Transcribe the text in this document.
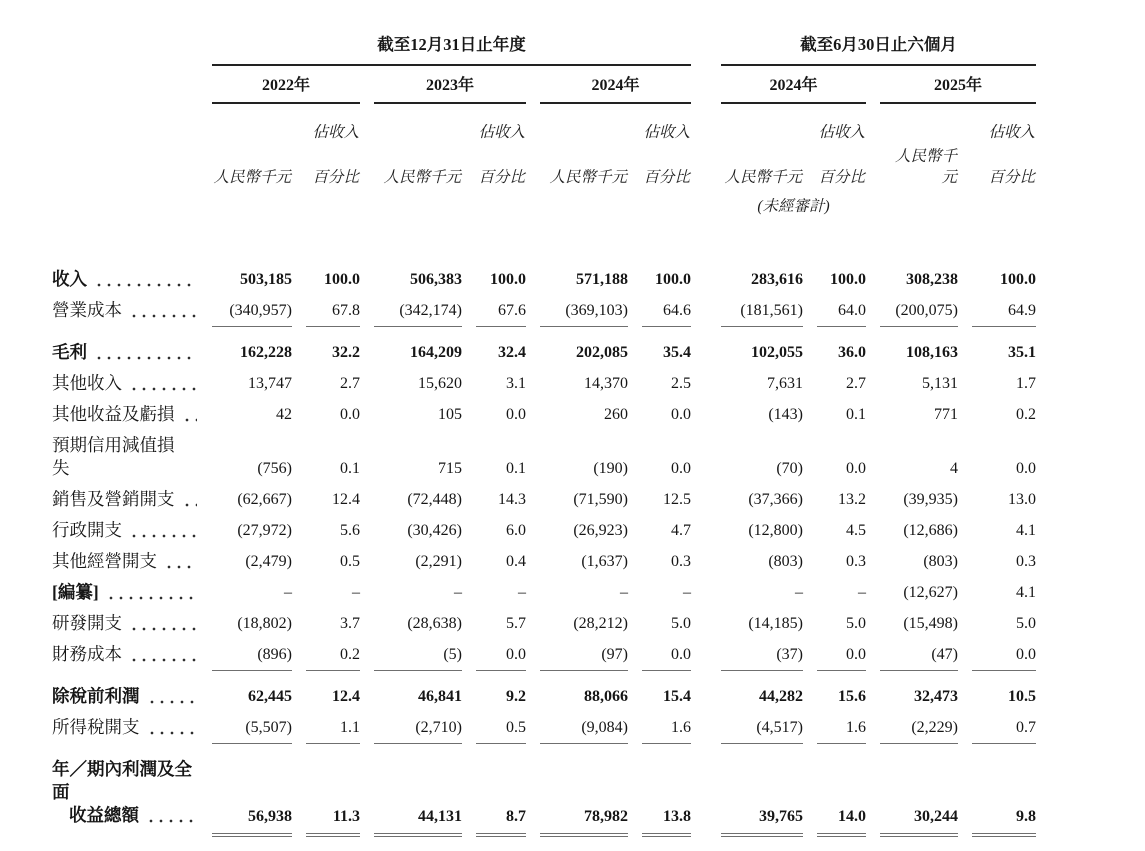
	截至12月31日止年度							截至6月30日止六個月			
	2022年		2023年		2024年			2024年		2025年	
		佔收入		佔收入		佔收入			佔收入		佔收入
	人民幣千元	百分比	人民幣千元	百分比	人民幣千元	百分比		人民幣千元	百分比	人民幣千元	百分比
								(未經審計)			

收入	503,185	100.0	506,383	100.0	571,188	100.0		283,616	100.0	308,238	100.0

營業成本	(340,957)	67.8	(342,174)	67.6	(369,103)	64.6		(181,561)	64.0	(200,075)	64.9

毛利	162,228	32.2	164,209	32.4	202,085	35.4		102,055	36.0	108,163	35.1

其他收入	13,747	2.7	15,620	3.1	14,370	2.5		7,631	2.7	5,131	1.7

其他收益及虧損	42	0.0	105	0.0	260	0.0		(143)	0.1	771	0.2

預期信用減值損失	(756)	0.1	715	0.1	(190)	0.0		(70)	0.0	4	0.0

銷售及營銷開支	(62,667)	12.4	(72,448)	14.3	(71,590)	12.5		(37,366)	13.2	(39,935)	13.0

行政開支	(27,972)	5.6	(30,426)	6.0	(26,923)	4.7		(12,800)	4.5	(12,686)	4.1

其他經營開支	(2,479)	0.5	(2,291)	0.4	(1,637)	0.3		(803)	0.3	(803)	0.3

[編纂]	–	–	–	–	–	–		–	–	(12,627)	4.1

研發開支	(18,802)	3.7	(28,638)	5.7	(28,212)	5.0		(14,185)	5.0	(15,498)	5.0

財務成本	(896)	0.2	(5)	0.0	(97)	0.0		(37)	0.0	(47)	0.0

除稅前利潤	62,445	12.4	46,841	9.2	88,066	15.4		44,282	15.6	32,473	10.5

所得稅開支	(5,507)	1.1	(2,710)	0.5	(9,084)	1.6		(4,517)	1.6	(2,229)	0.7

年／期內利潤及全面
收益總額	56,938	11.3	44,131	8.7	78,982	13.8		39,765	14.0	30,244	9.8
